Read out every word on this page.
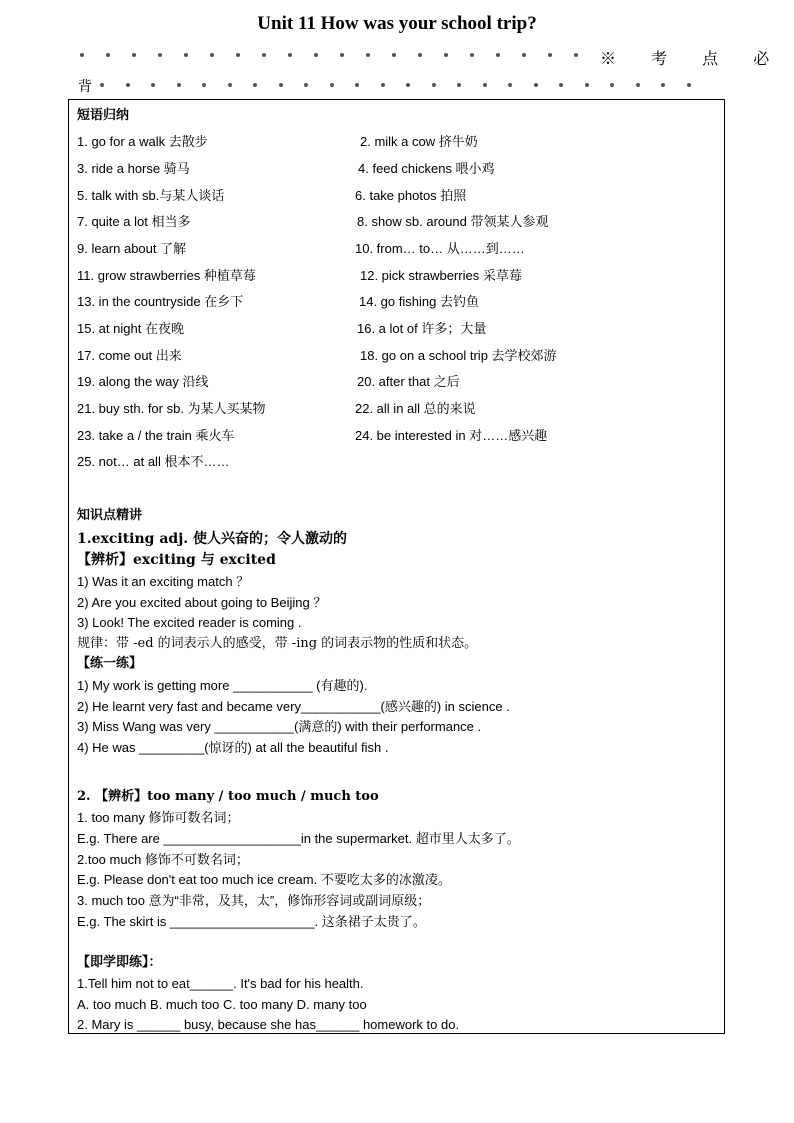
Unit 11 How was your school trip?
※ 考 点 必
背
短语归纳
1. go for a walk 去散步
3. ride a horse 骑马
5. talk with sb.与某人谈话
7. quite a lot 相当多
9. learn about 了解
11. grow strawberries 种植草莓
13. in the countryside 在乡下
15. at night 在夜晚
17. come out 出来
19. along the way 沿线
21. buy sth. for sb. 为某人买某物
23. take a / the train 乘火车
25. not… at all 根本不……
2. milk a cow 挤牛奶
4. feed chickens 喂小鸡
6. take photos 拍照
8. show sb. around 带领某人参观
10. from… to… 从……到……
12. pick strawberries 采草莓
14. go fishing 去钓鱼
16. a lot of 许多；大量
18. go on a school trip 去学校郊游
20. after that 之后
22. all in all 总的来说
24. be interested in 对……感兴趣
知识点精讲
1.exciting adj. 使人兴奋的；令人激动的
【辨析】exciting 与 excited
1) Was it an exciting match ？
2) Are you excited about going to Beijing ？
3) Look! The excited reader is coming .
规律：带 -ed 的词表示人的感受，带 -ing 的词表示物的性质和状态。
【练一练】
1) My work is getting more ___________ (有趣的).
2) He learnt very fast and became very___________(感兴趣的) in science .
3) Miss Wang was very ___________(满意的) with their performance .
4) He was _________(惊讶的) at all the beautiful fish .
2. 【辨析】too many / too much / much too
1. too many 修饰可数名词；
E.g. There are ___________________in the supermarket. 超市里人太多了。
2.too much 修饰不可数名词；
E.g. Please don't eat too much ice cream. 不要吃太多的冰激凌。
3. much too 意为“非常，及其，太”，修饰形容词或副词原级；
E.g. The skirt is ____________________. 这条裙子太贵了。
【即学即练】：
1.Tell him not to eat______. It's bad for his health.
A. too much B. much too C. too many D. many too
2. Mary is ______ busy, because she has______ homework to do.
